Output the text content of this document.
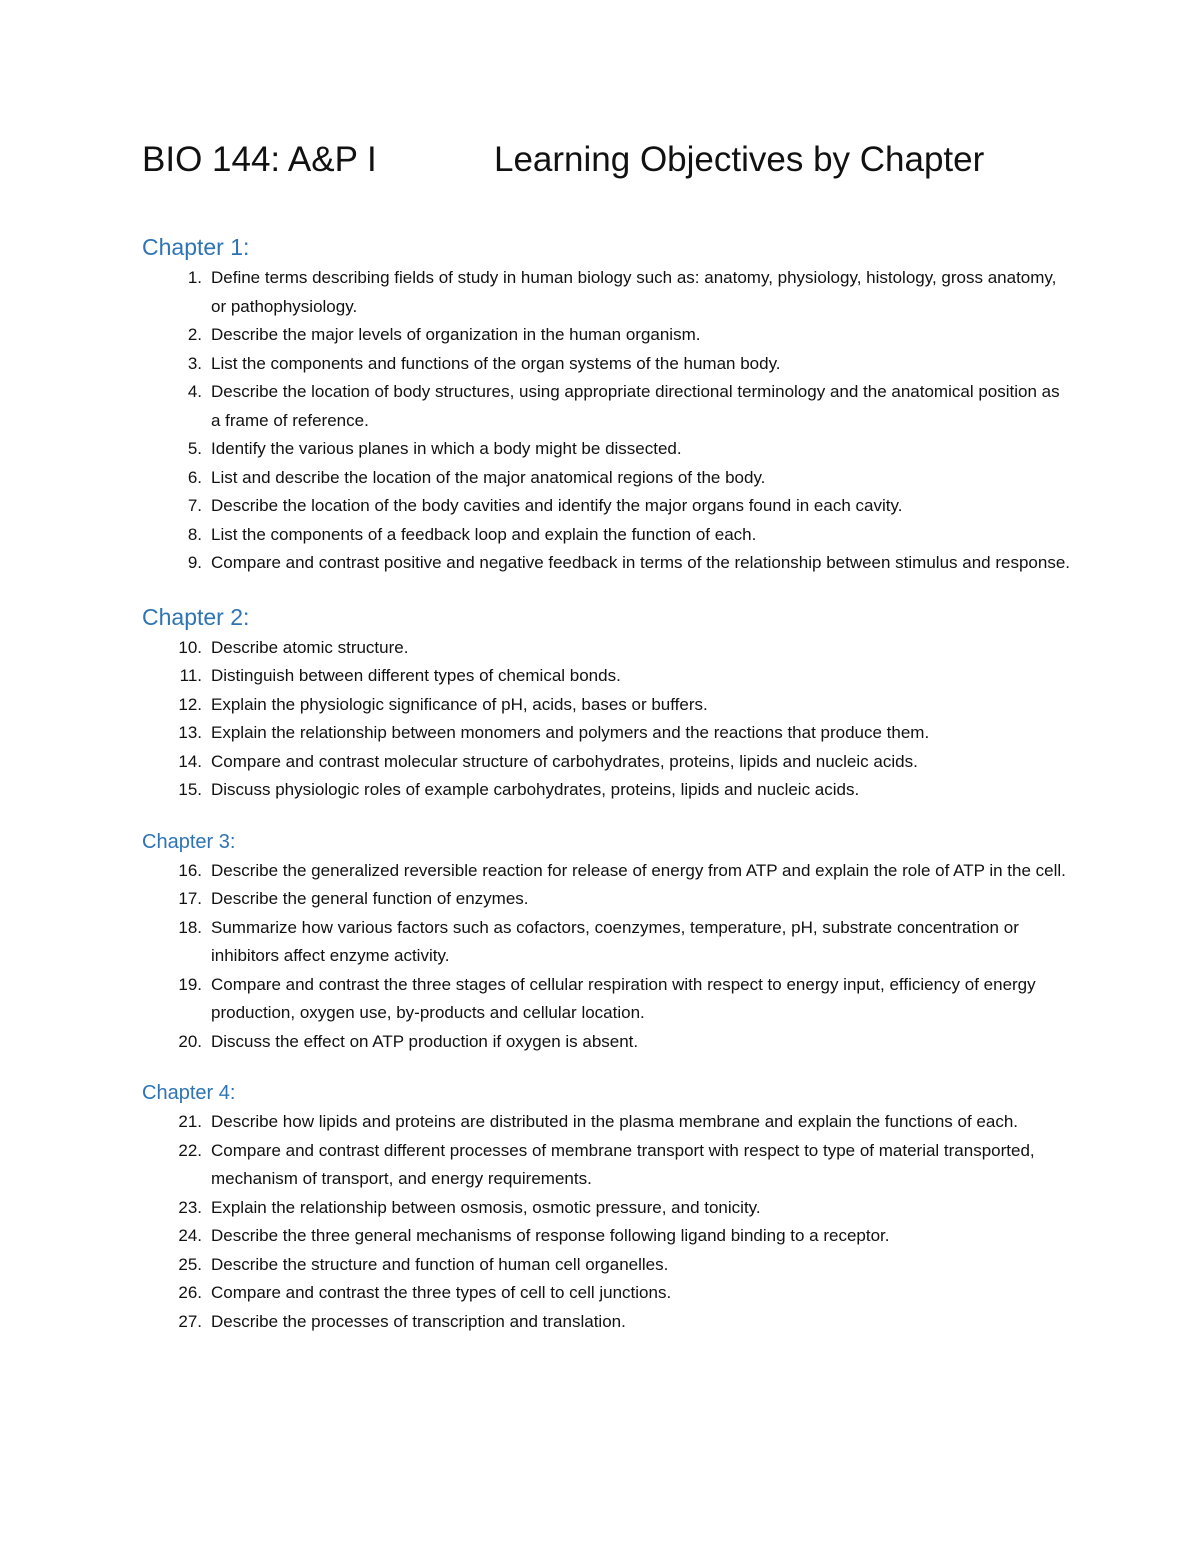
BIO 144: A&P I	Learning Objectives by Chapter
Chapter 1:
1. Define terms describing fields of study in human biology such as: anatomy, physiology, histology, gross anatomy, or pathophysiology.
2. Describe the major levels of organization in the human organism.
3. List the components and functions of the organ systems of the human body.
4. Describe the location of body structures, using appropriate directional terminology and the anatomical position as a frame of reference.
5. Identify the various planes in which a body might be dissected.
6. List and describe the location of the major anatomical regions of the body.
7. Describe the location of the body cavities and identify the major organs found in each cavity.
8. List the components of a feedback loop and explain the function of each.
9. Compare and contrast positive and negative feedback in terms of the relationship between stimulus and response.
Chapter 2:
10. Describe atomic structure.
11. Distinguish between different types of chemical bonds.
12. Explain the physiologic significance of pH, acids, bases or buffers.
13. Explain the relationship between monomers and polymers and the reactions that produce them.
14. Compare and contrast molecular structure of carbohydrates, proteins, lipids and nucleic acids.
15. Discuss physiologic roles of example carbohydrates, proteins, lipids and nucleic acids.
Chapter 3:
16. Describe the generalized reversible reaction for release of energy from ATP and explain the role of ATP in the cell.
17. Describe the general function of enzymes.
18. Summarize how various factors such as cofactors, coenzymes, temperature, pH, substrate concentration or inhibitors affect enzyme activity.
19. Compare and contrast the three stages of cellular respiration with respect to energy input, efficiency of energy production, oxygen use, by-products and cellular location.
20. Discuss the effect on ATP production if oxygen is absent.
Chapter 4:
21. Describe how lipids and proteins are distributed in the plasma membrane and explain the functions of each.
22. Compare and contrast different processes of membrane transport with respect to type of material transported, mechanism of transport, and energy requirements.
23. Explain the relationship between osmosis, osmotic pressure, and tonicity.
24. Describe the three general mechanisms of response following ligand binding to a receptor.
25. Describe the structure and function of human cell organelles.
26. Compare and contrast the three types of cell to cell junctions.
27. Describe the processes of transcription and translation.
